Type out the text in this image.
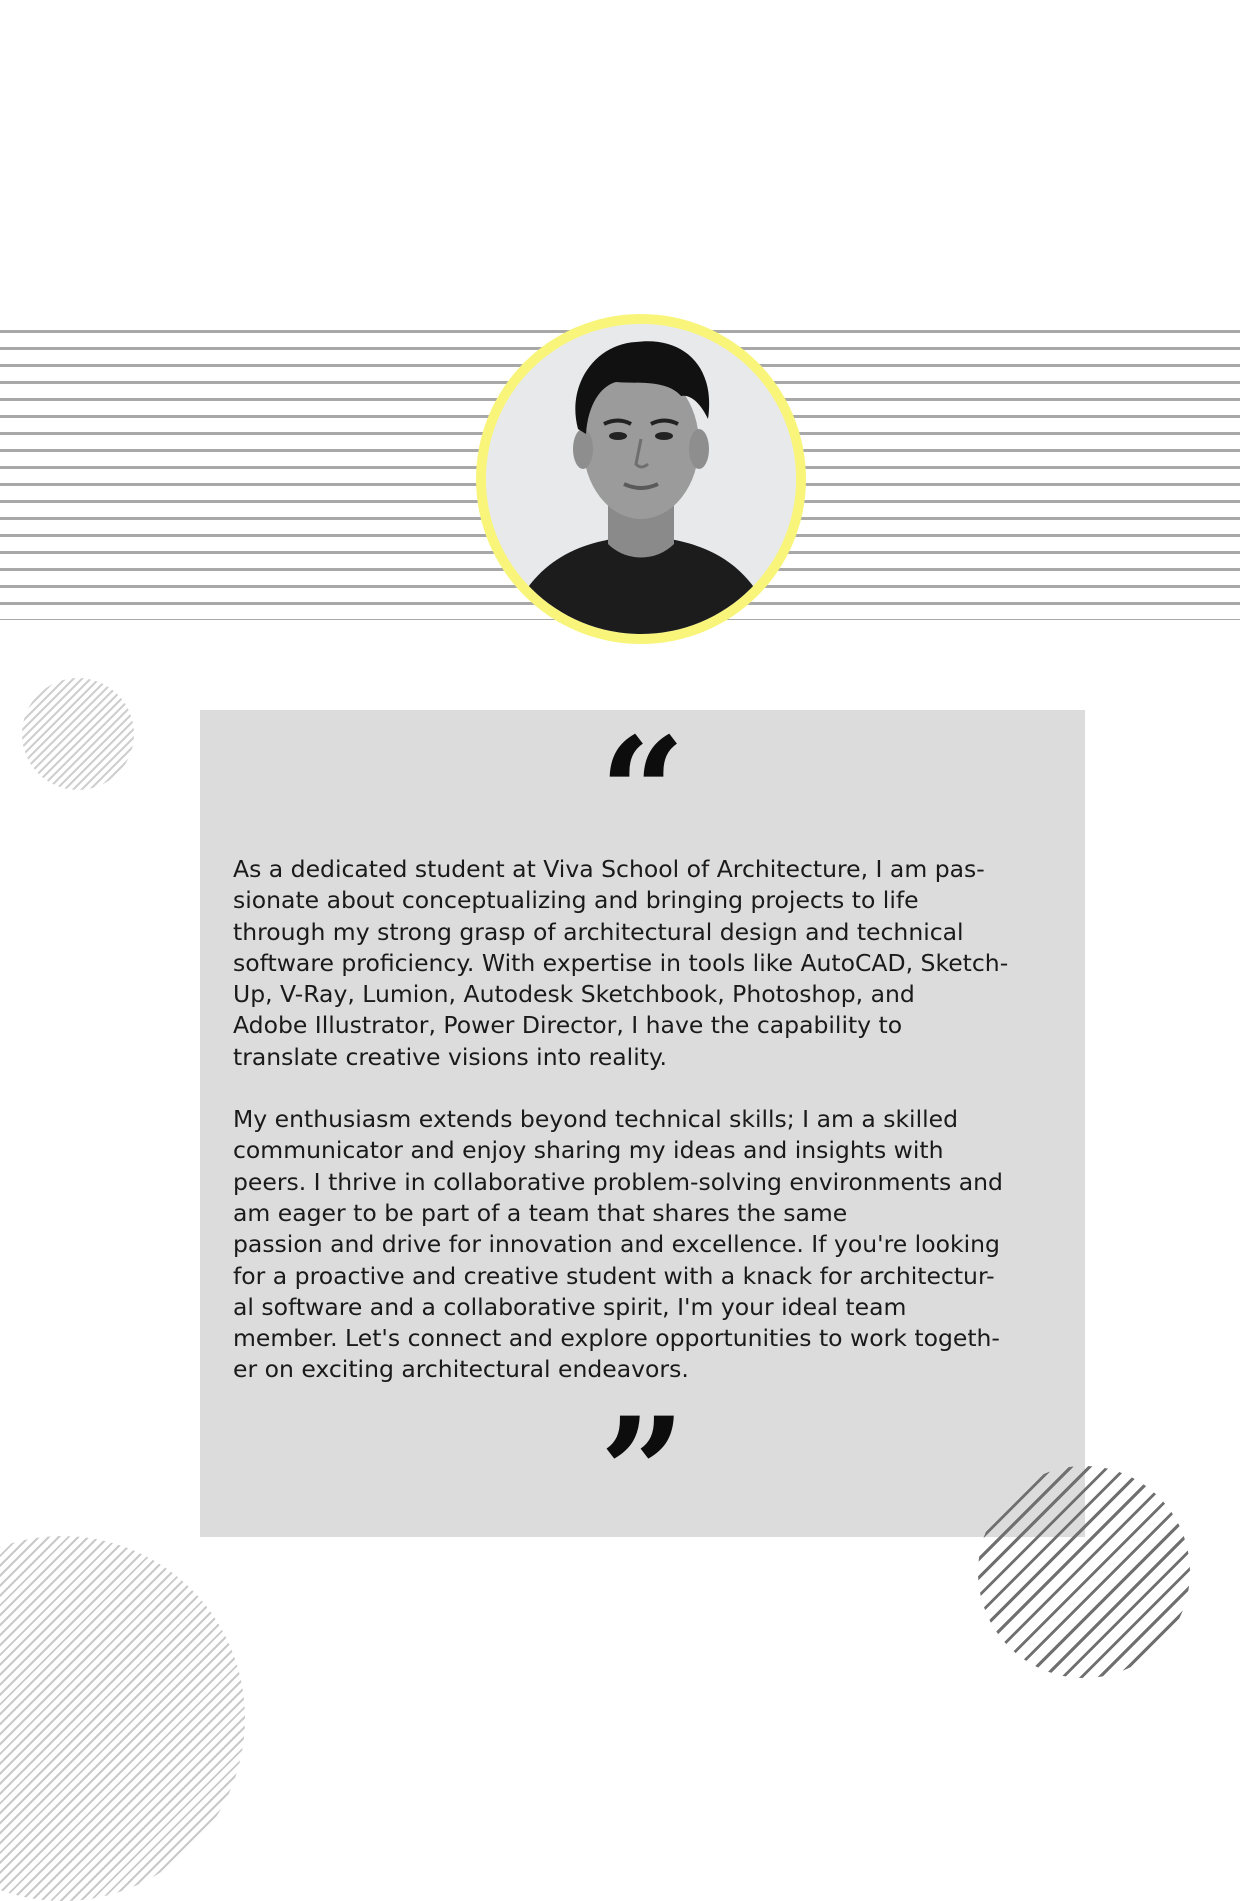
“

As a dedicated student at Viva School of Architecture, I am pas-
sionate about conceptualizing and bringing projects to life
through my strong grasp of architectural design and technical
software proficiency. With expertise in tools like AutoCAD, Sketch-
Up, V-Ray, Lumion, Autodesk Sketchbook, Photoshop, and
Adobe Illustrator, Power Director, I have the capability to
translate creative visions into reality.

My enthusiasm extends beyond technical skills; I am a skilled
communicator and enjoy sharing my ideas and insights with
peers. I thrive in collaborative problem-solving environments and
am eager to be part of a team that shares the same
passion and drive for innovation and excellence. If you're looking
for a proactive and creative student with a knack for architectur-
al software and a collaborative spirit, I'm your ideal team
member. Let's connect and explore opportunities to work togeth-
er on exciting architectural endeavors.

”
